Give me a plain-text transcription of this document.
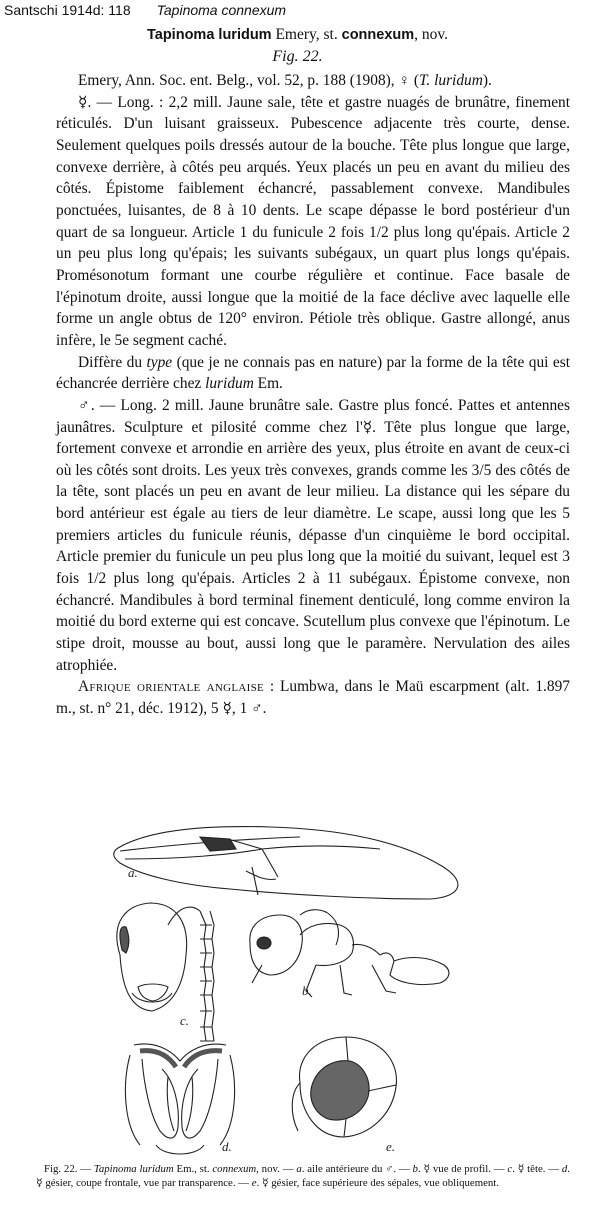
Santschi 1914d: 118 Tapinoma connexum
Tapinoma luridum Emery, st. connexum, nov.
Fig. 22.

Emery, Ann. Soc. ent. Belg., vol. 52, p. 188 (1908), ♀ (T. luridum).

☿. — Long. : 2,2 mill. Jaune sale, tête et gastre nuagés de brunâtre, finement réticulés. D'un luisant graisseux. Pubescence adjacente très courte, dense. Seulement quelques poils dressés autour de la bouche. Tête plus longue que large, convexe derrière, à côtés peu arqués. Yeux placés un peu en avant du milieu des côtés. Épistome faiblement échancré, passablement convexe. Mandibules ponctuées, luisantes, de 8 à 10 dents. Le scape dépasse le bord postérieur d'un quart de sa longueur. Article 1 du funicule 2 fois 1/2 plus long qu'épais. Article 2 un peu plus long qu'épais; les suivants subégaux, un quart plus longs qu'épais. Promésonotum formant une courbe régulière et continue. Face basale de l'épinotum droite, aussi longue que la moitié de la face déclive avec laquelle elle forme un angle obtus de 120° environ. Pétiole très oblique. Gastre allongé, anus infère, le 5e segment caché.

Diffère du type (que je ne connais pas en nature) par la forme de la tête qui est échancrée derrière chez luridum Em.

♂. — Long. 2 mill. Jaune brunâtre sale. Gastre plus foncé. Pattes et antennes jaunâtres. Sculpture et pilosité comme chez l'☿. Tête plus longue que large, fortement convexe et arrondie en arrière des yeux, plus étroite en avant de ceux-ci où les côtés sont droits. Les yeux très convexes, grands comme les 3/5 des côtés de la tête, sont placés un peu en avant de leur milieu. La distance qui les sépare du bord antérieur est égale au tiers de leur diamètre. Le scape, aussi long que les 5 premiers articles du funicule réunis, dépasse d'un cinquième le bord occipital. Article premier du funicule un peu plus long que la moitié du suivant, lequel est 3 fois 1/2 plus long qu'épais. Articles 2 à 11 subégaux. Épistome convexe, non échancré. Mandibules à bord terminal finement denticulé, long comme environ la moitié du bord externe qui est concave. Scutellum plus convexe que l'épinotum. Le stipe droit, mousse au bout, aussi long que le paramère. Nervulation des ailes atrophiée.

Afrique orientale anglaise : Lumbwa, dans le Maü escarpment (alt. 1.897 m., st. n° 21, déc. 1912), 5 ☿, 1 ♂.

a.
c.
b.
d.	e.

Fig. 22. — Tapinoma luridum Em., st. connexum, nov. — a. aile antérieure du ♂. — b. ☿ vue de profil. — c. ☿ tête. — d. ☿ gésier, coupe frontale, vue par transparence. — e. ☿ gésier, face supérieure des sépales, vue obliquement.
